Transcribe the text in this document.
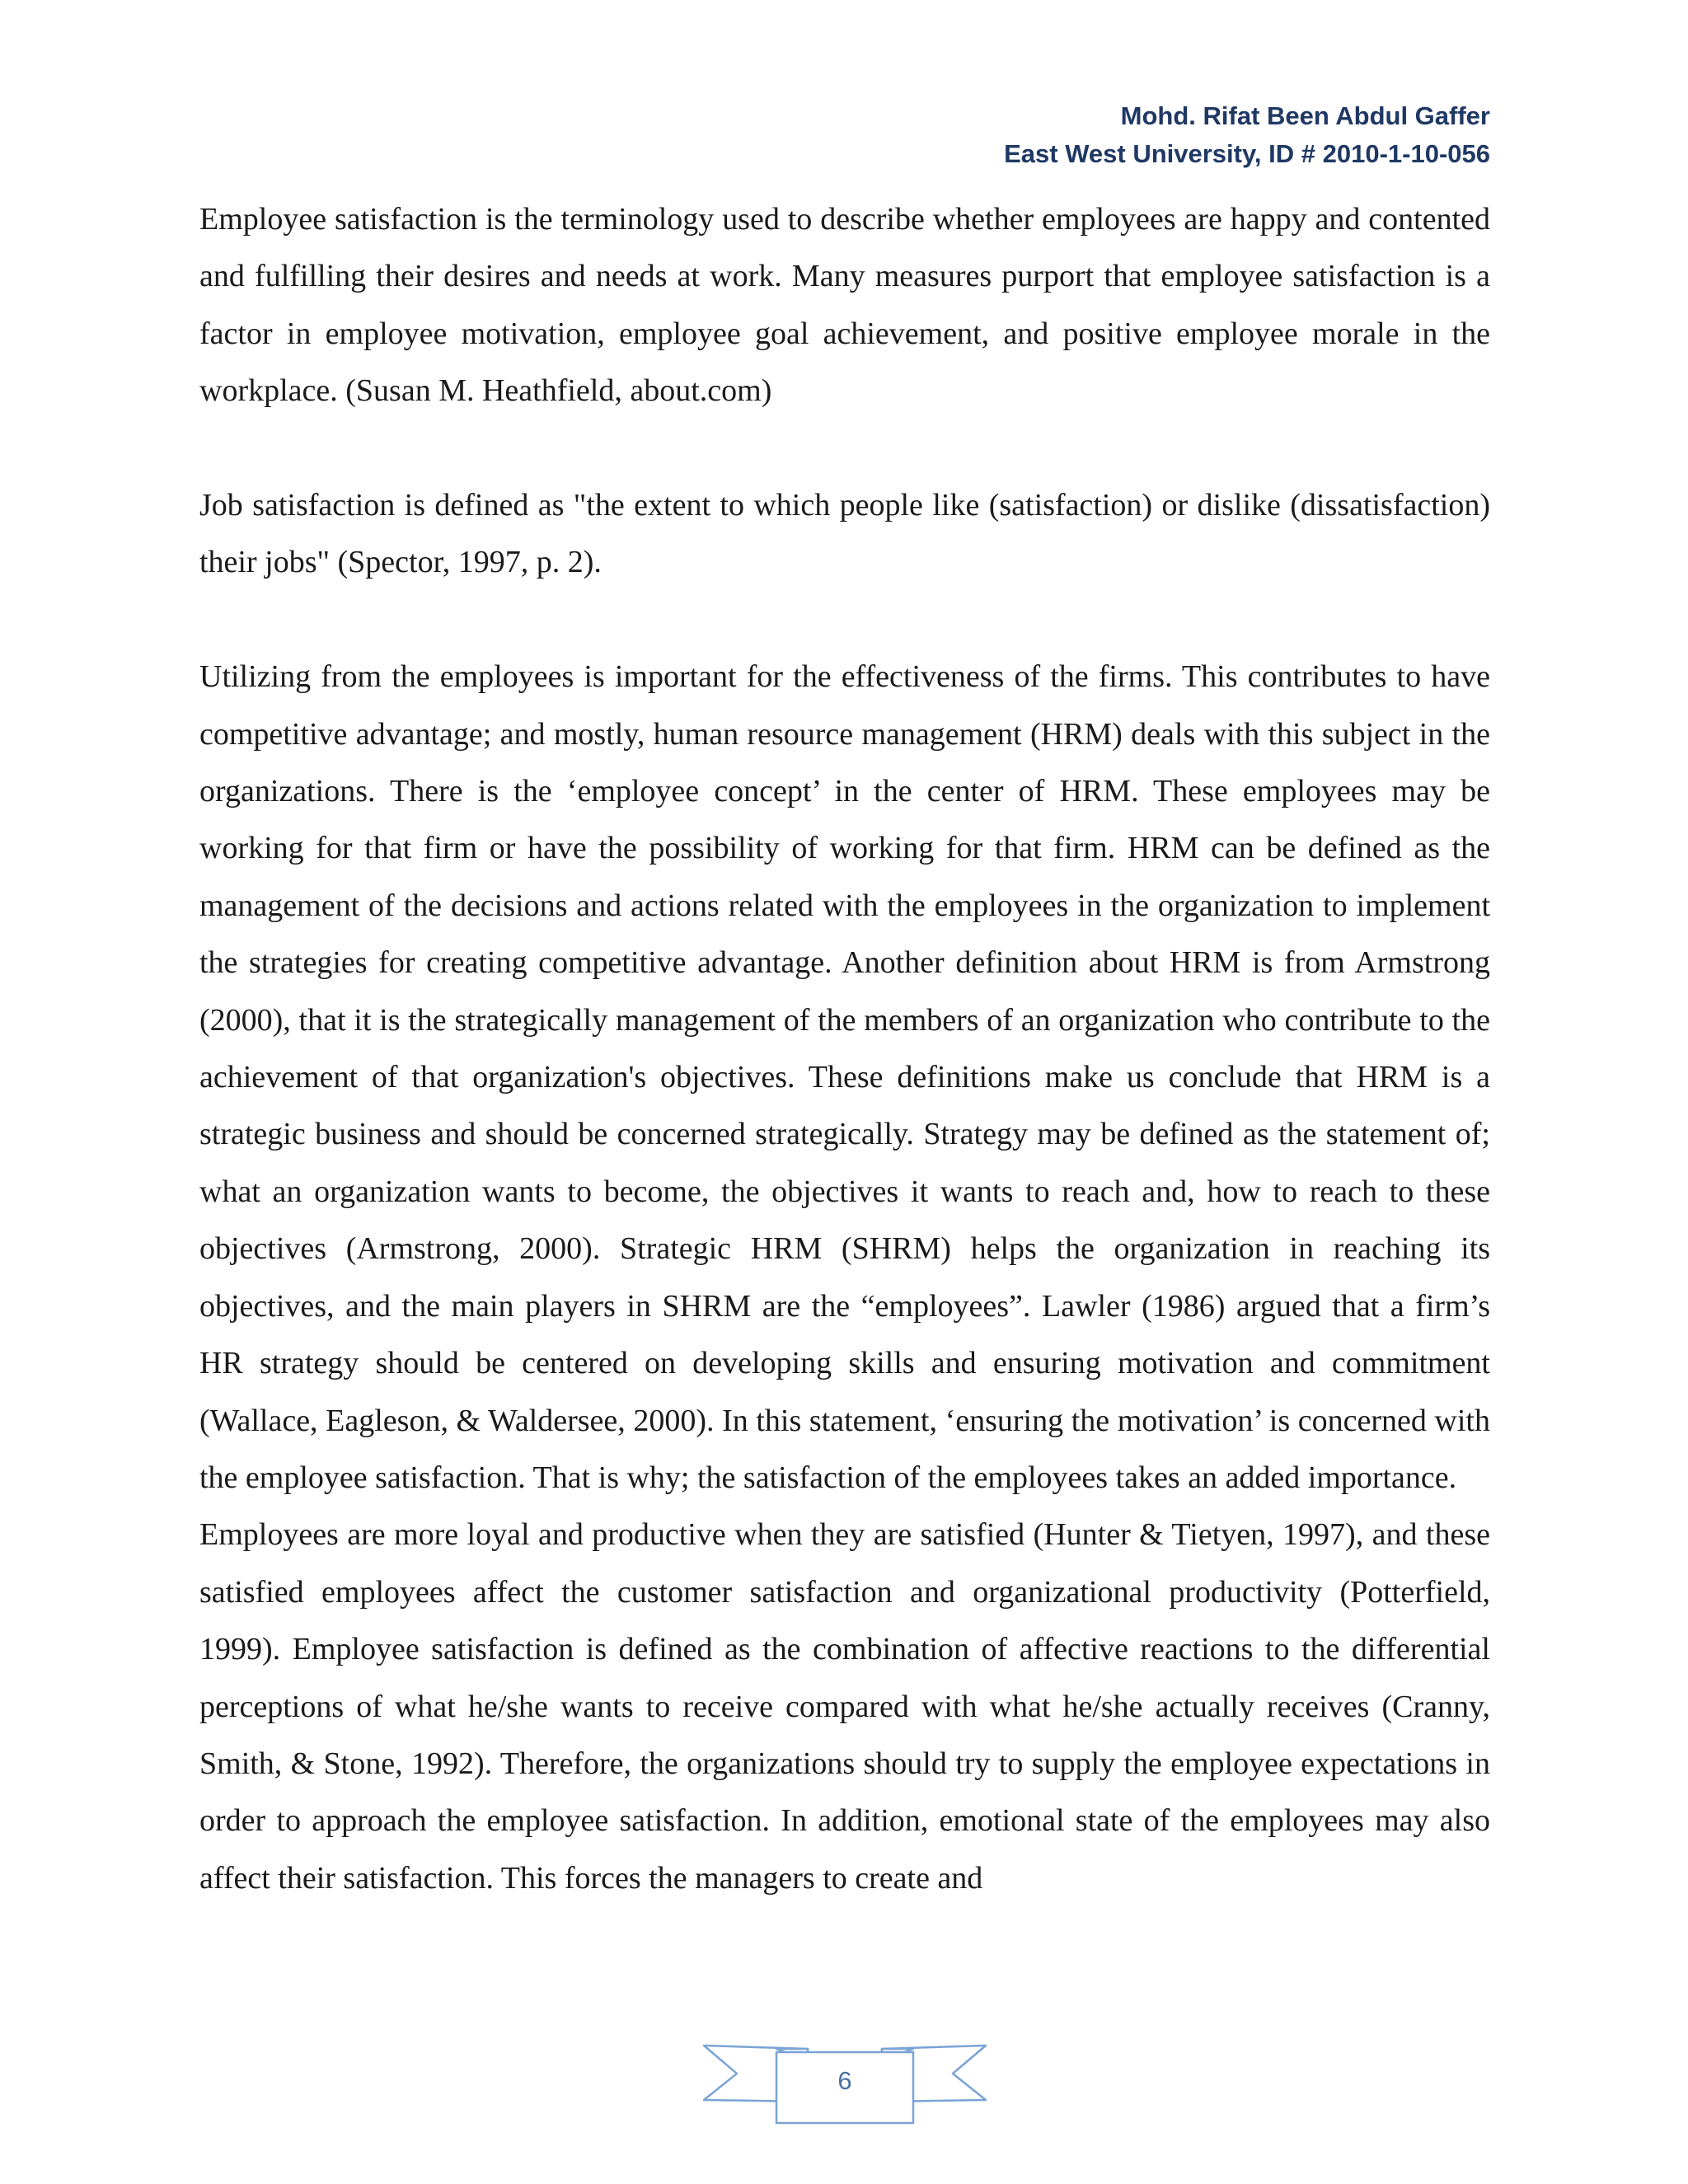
Mohd. Rifat Been Abdul Gaffer
East West University, ID # 2010-1-10-056

Employee satisfaction is the terminology used to describe whether employees are happy and contented and fulfilling their desires and needs at work. Many measures purport that employee satisfaction is a factor in employee motivation, employee goal achievement, and positive employee morale in the workplace. (Susan M. Heathfield, about.com)

Job satisfaction is defined as "the extent to which people like (satisfaction) or dislike (dissatisfaction) their jobs" (Spector, 1997, p. 2).

Utilizing from the employees is important for the effectiveness of the firms. This contributes to have competitive advantage; and mostly, human resource management (HRM) deals with this subject in the organizations. There is the ‘employee concept’ in the center of HRM. These employees may be working for that firm or have the possibility of working for that firm. HRM can be defined as the management of the decisions and actions related with the employees in the organization to implement the strategies for creating competitive advantage. Another definition about HRM is from Armstrong (2000), that it is the strategically management of the members of an organization who contribute to the achievement of that organization's objectives. These definitions make us conclude that HRM is a strategic business and should be concerned strategically. Strategy may be defined as the statement of; what an organization wants to become, the objectives it wants to reach and, how to reach to these objectives (Armstrong, 2000). Strategic HRM (SHRM) helps the organization in reaching its objectives, and the main players in SHRM are the “employees”. Lawler (1986) argued that a firm’s HR strategy should be centered on developing skills and ensuring motivation and commitment (Wallace, Eagleson, & Waldersee, 2000). In this statement, ‘ensuring the motivation’ is concerned with the employee satisfaction. That is why; the satisfaction of the employees takes an added importance.

Employees are more loyal and productive when they are satisfied (Hunter & Tietyen, 1997), and these satisfied employees affect the customer satisfaction and organizational productivity (Potterfield, 1999). Employee satisfaction is defined as the combination of affective reactions to the differential perceptions of what he/she wants to receive compared with what he/she actually receives (Cranny, Smith, & Stone, 1992). Therefore, the organizations should try to supply the employee expectations in order to approach the employee satisfaction. In addition, emotional state of the employees may also affect their satisfaction. This forces the managers to create and

6
